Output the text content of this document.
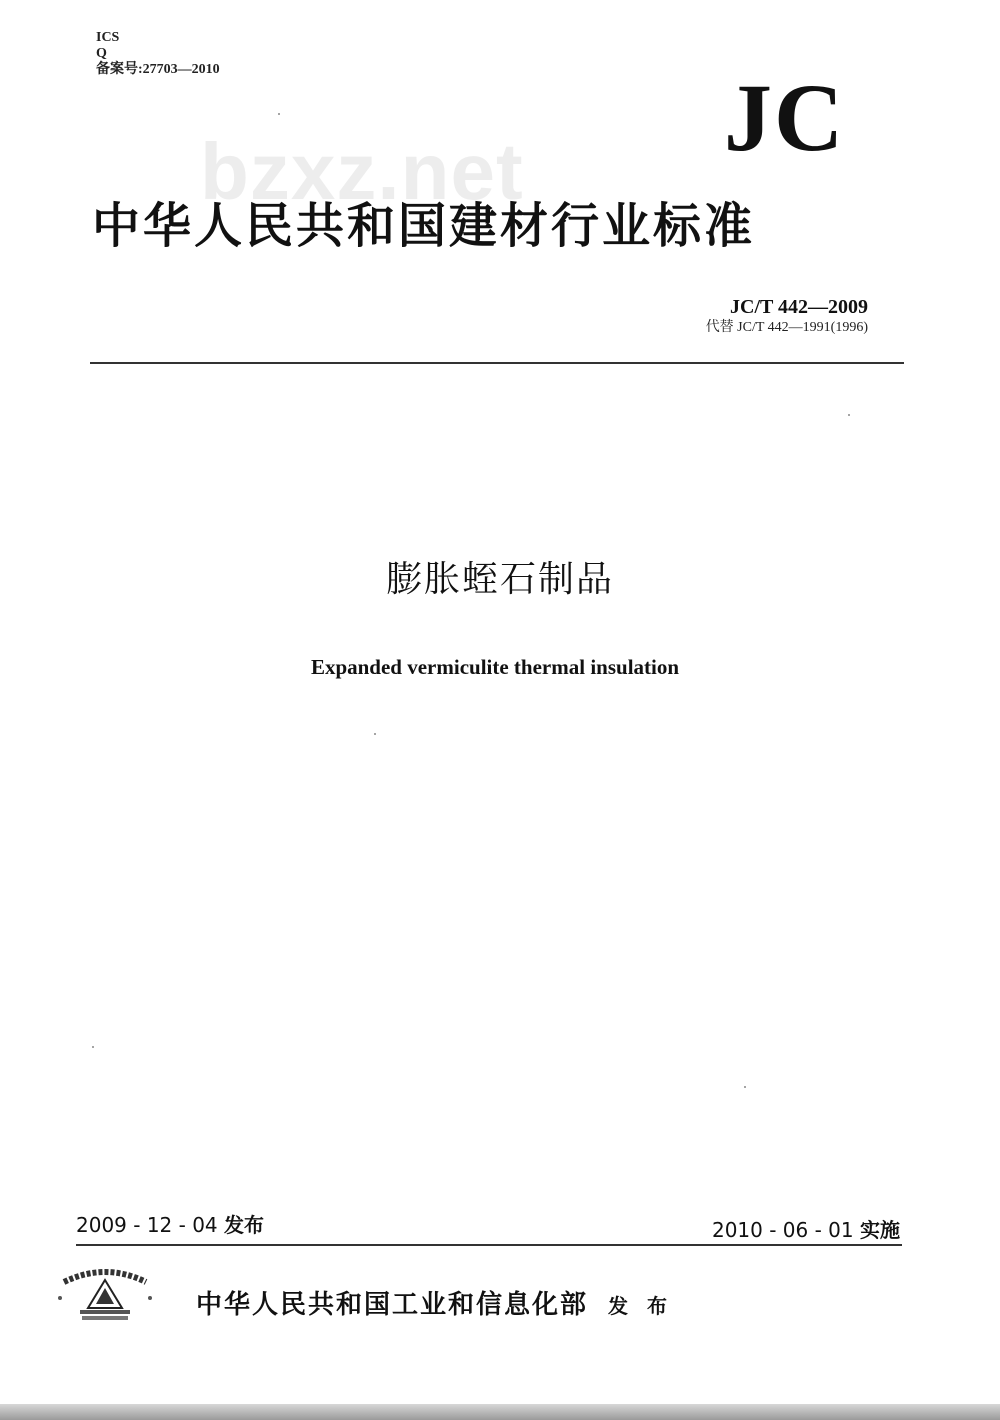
ICS
Q
备案号:27703—2010	JC
bzxz.net
中华人民共和国建材行业标准
JC/T 442—2009
代替 JC/T 442—1991(1996)
膨胀蛭石制品
Expanded vermiculite thermal insulation
2009 - 12 - 04 发布	2010 - 06 - 01 实施
中华人民共和国工业和信息化部 发 布
